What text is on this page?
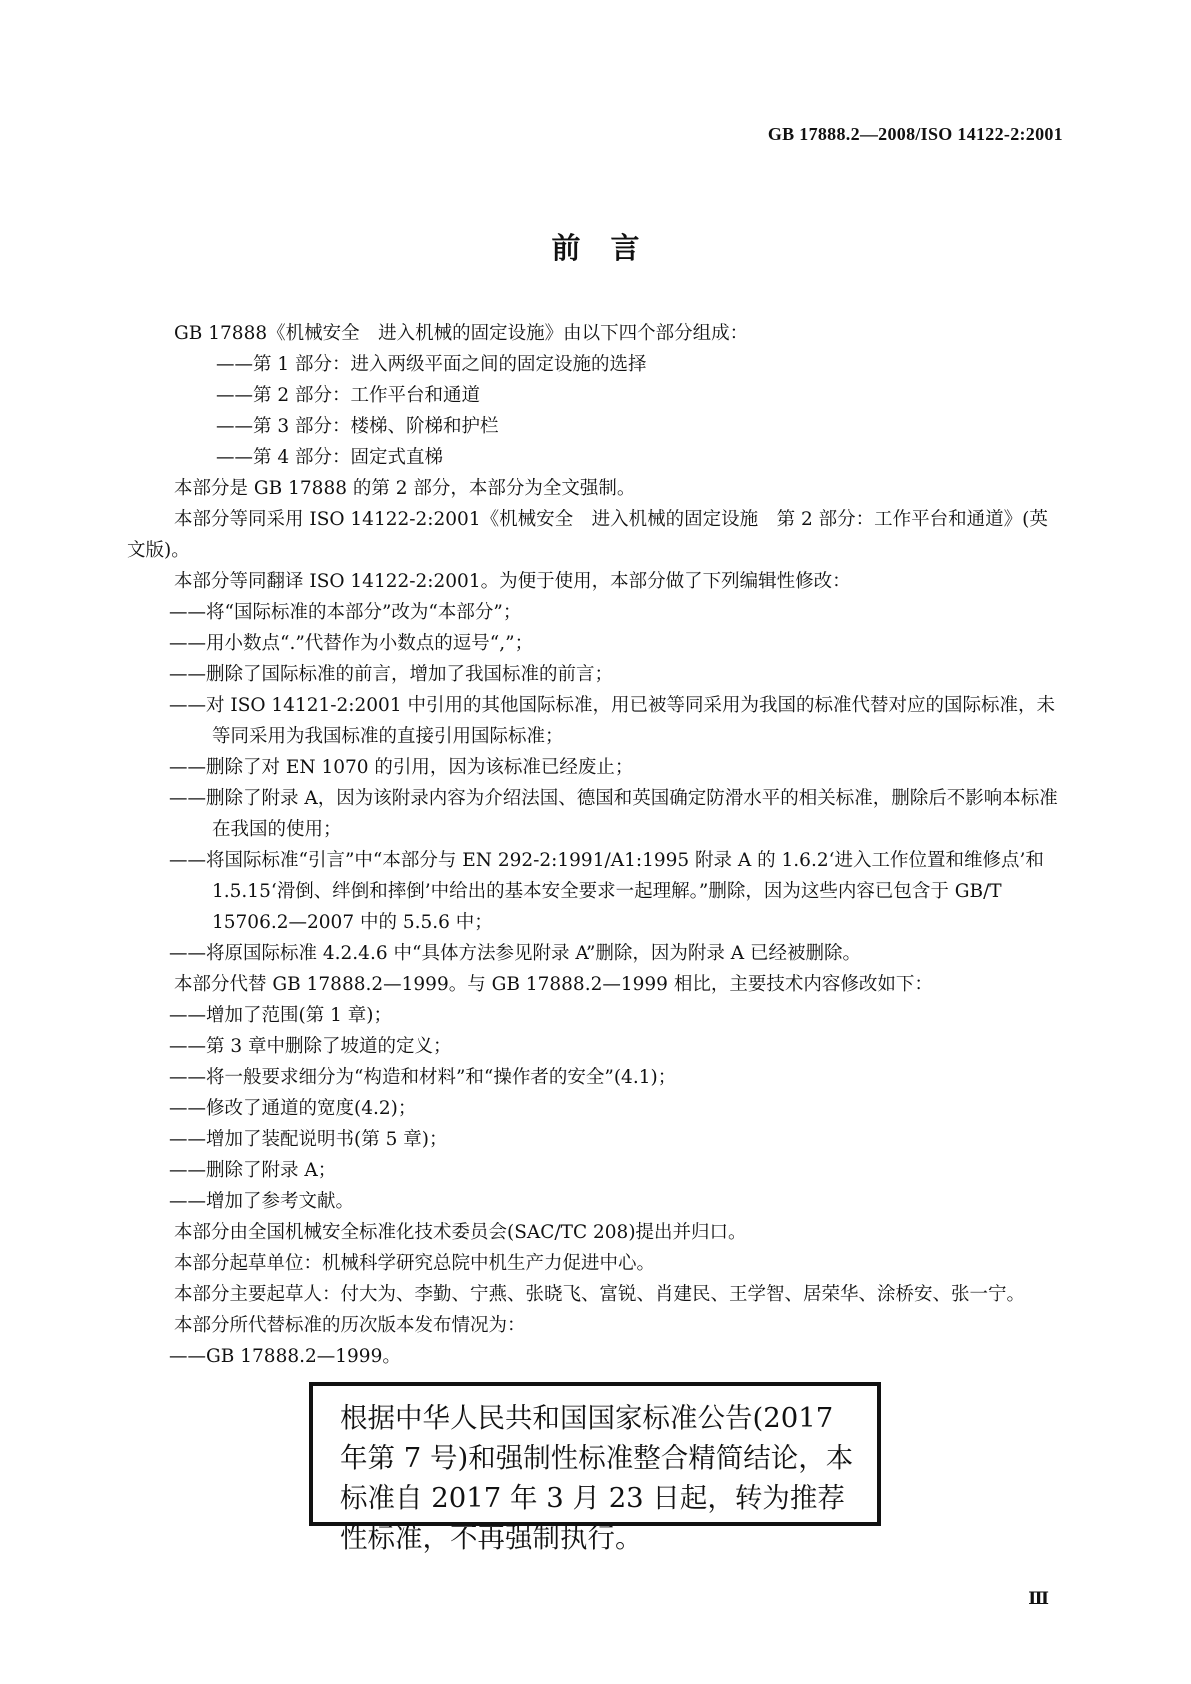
GB 17888.2—2008/ISO 14122-2:2001
前言

GB 17888《机械安全　进入机械的固定设施》由以下四个部分组成：

——第 1 部分：进入两级平面之间的固定设施的选择

——第 2 部分：工作平台和通道

——第 3 部分：楼梯、阶梯和护栏

——第 4 部分：固定式直梯

本部分是 GB 17888 的第 2 部分，本部分为全文强制。

本部分等同采用 ISO 14122-2:2001《机械安全　进入机械的固定设施　第 2 部分：工作平台和通道》(英文版)。

本部分等同翻译 ISO 14122-2:2001。为便于使用，本部分做了下列编辑性修改：

——将“国际标准的本部分”改为“本部分”；

——用小数点“.”代替作为小数点的逗号“,”；

——删除了国际标准的前言，增加了我国标准的前言；

——对 ISO 14121-2:2001 中引用的其他国际标准，用已被等同采用为我国的标准代替对应的国际标准，未等同采用为我国标准的直接引用国际标准；

——删除了对 EN 1070 的引用，因为该标准已经废止；

——删除了附录 A，因为该附录内容为介绍法国、德国和英国确定防滑水平的相关标准，删除后不影响本标准在我国的使用；

——将国际标准“引言”中“本部分与 EN 292-2:1991/A1:1995 附录 A 的 1.6.2‘进入工作位置和维修点’和 1.5.15‘滑倒、绊倒和摔倒’中给出的基本安全要求一起理解。”删除，因为这些内容已包含于 GB/T 15706.2—2007 中的 5.5.6 中；

——将原国际标准 4.2.4.6 中“具体方法参见附录 A”删除，因为附录 A 已经被删除。

本部分代替 GB 17888.2—1999。与 GB 17888.2—1999 相比，主要技术内容修改如下：

——增加了范围(第 1 章)；

——第 3 章中删除了坡道的定义；

——将一般要求细分为“构造和材料”和“操作者的安全”(4.1)；

——修改了通道的宽度(4.2)；

——增加了装配说明书(第 5 章)；

——删除了附录 A；

——增加了参考文献。

本部分由全国机械安全标准化技术委员会(SAC/TC 208)提出并归口。

本部分起草单位：机械科学研究总院中机生产力促进中心。

本部分主要起草人：付大为、李勤、宁燕、张晓飞、富锐、肖建民、王学智、居荣华、涂桥安、张一宁。

本部分所代替标准的历次版本发布情况为：

——GB 17888.2—1999。

根据中华人民共和国国家标准公告(2017 年第 7 号)和强制性标准整合精简结论，本标准自 2017 年 3 月 23 日起，转为推荐性标准，不再强制执行。
Ⅲ
